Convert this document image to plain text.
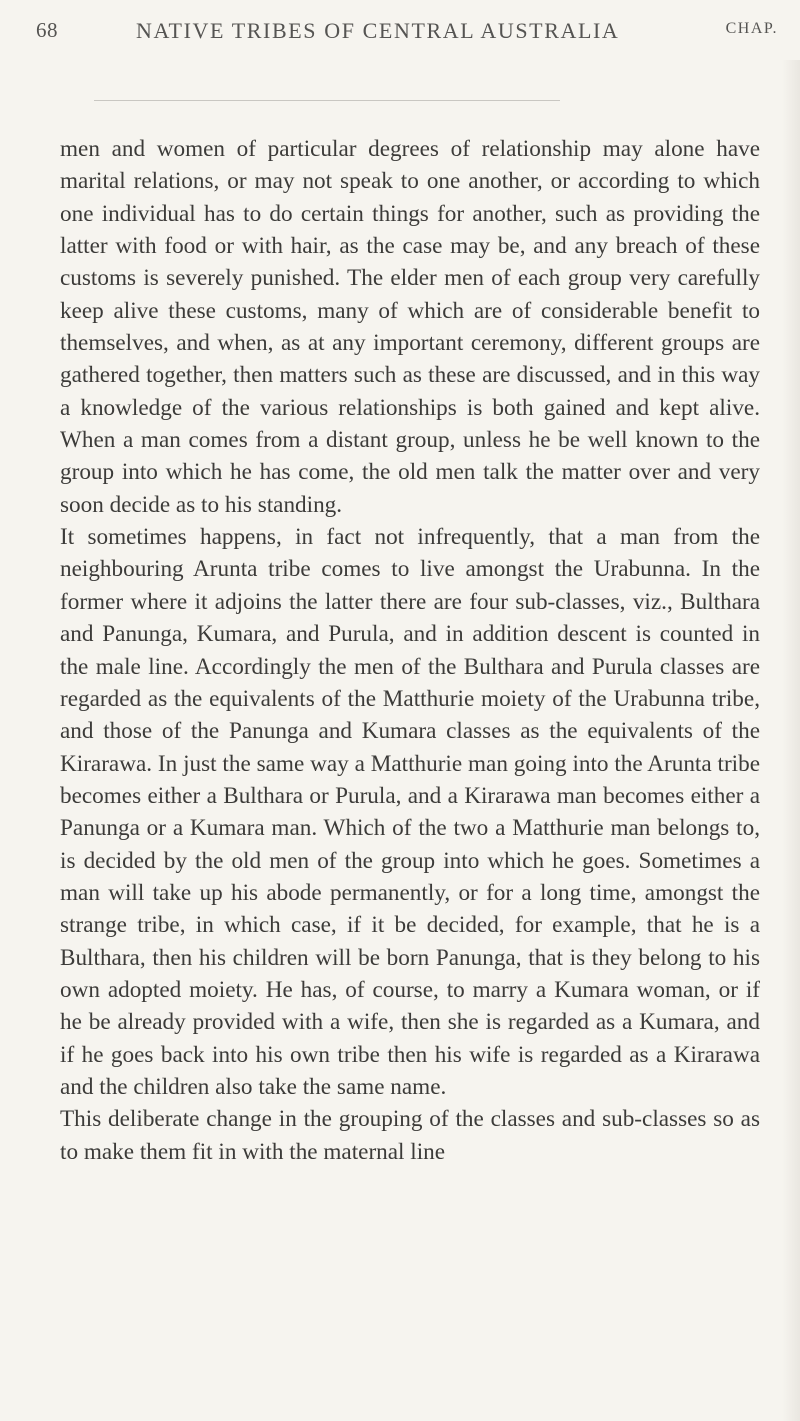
68	NATIVE TRIBES OF CENTRAL AUSTRALIA	CHAP.

men and women of particular degrees of relationship may alone have marital relations, or may not speak to one another, or according to which one individual has to do certain things for another, such as providing the latter with food or with hair, as the case may be, and any breach of these customs is severely punished. The elder men of each group very carefully keep alive these customs, many of which are of considerable benefit to themselves, and when, as at any important ceremony, different groups are gathered together, then matters such as these are discussed, and in this way a knowledge of the various relationships is both gained and kept alive. When a man comes from a distant group, unless he be well known to the group into which he has come, the old men talk the matter over and very soon decide as to his standing.

It sometimes happens, in fact not infrequently, that a man from the neighbouring Arunta tribe comes to live amongst the Urabunna. In the former where it adjoins the latter there are four sub-classes, viz., Bulthara and Panunga, Kumara, and Purula, and in addition descent is counted in the male line. Accordingly the men of the Bulthara and Purula classes are regarded as the equivalents of the Matthurie moiety of the Urabunna tribe, and those of the Panunga and Kumara classes as the equivalents of the Kirarawa. In just the same way a Matthurie man going into the Arunta tribe becomes either a Bulthara or Purula, and a Kirarawa man becomes either a Panunga or a Kumara man. Which of the two a Matthurie man belongs to, is decided by the old men of the group into which he goes. Sometimes a man will take up his abode permanently, or for a long time, amongst the strange tribe, in which case, if it be decided, for example, that he is a Bulthara, then his children will be born Panunga, that is they belong to his own adopted moiety. He has, of course, to marry a Kumara woman, or if he be already provided with a wife, then she is regarded as a Kumara, and if he goes back into his own tribe then his wife is regarded as a Kirarawa and the children also take the same name.

This deliberate change in the grouping of the classes and sub-classes so as to make them fit in with the maternal line
